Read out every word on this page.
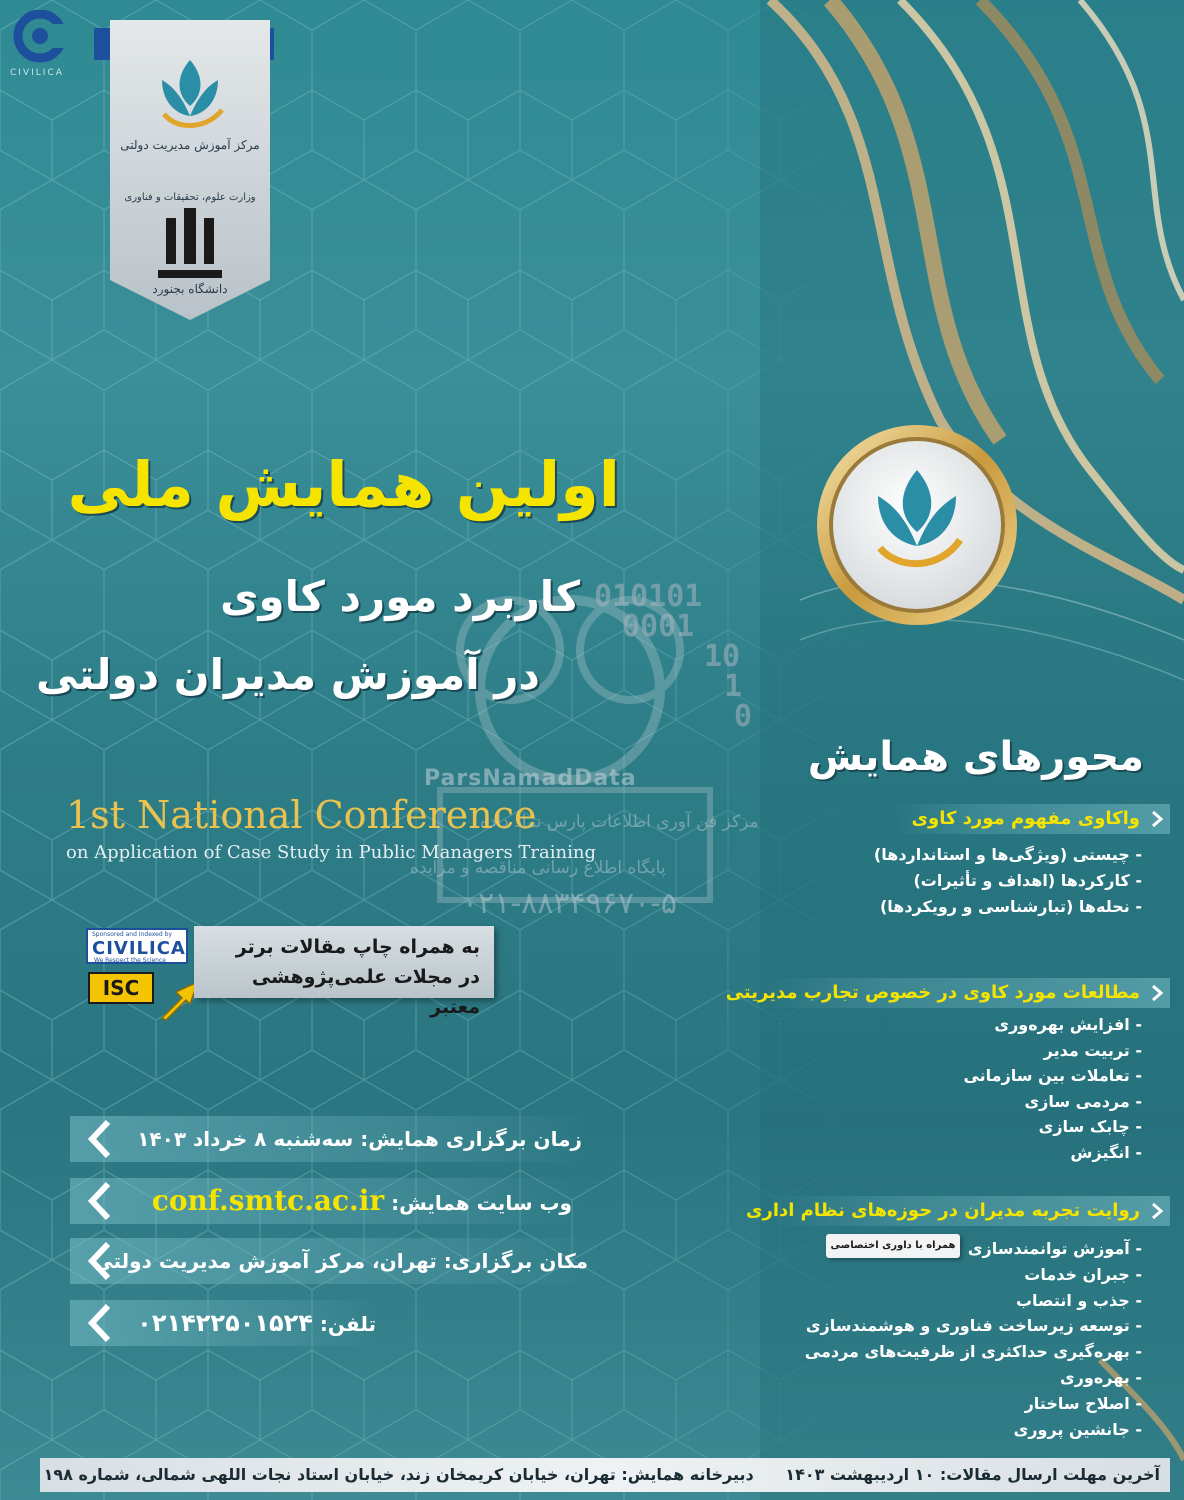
CIVILICA
مرکز آموزش مدیریت دولتی
وزارت علوم، تحقیقات و فناوری
دانشگاه بجنورد
010101
0001
10
1
0
ParsNamadData
مرکز فن آوری اطلاعات پارس نماد داده
پایگاه اطلاع رسانی مناقصه و مزایده
۰۲۱-۸۸۳۴۹۶۷۰-۵
اولین همایش ملی
کاربرد مورد کاوی
در آموزش مدیران دولتی
1st National Conference
on Application of Case Study in Public Managers Training
Sponsored and Indexed by
CIVILICA
We Respect the Science
ISC
به همراه چاپ مقالات برتر
در مجلات علمی‌پژوهشی معتبر
زمان برگزاری همایش: سه‌شنبه ۸ خرداد ۱۴۰۳
وب سایت همایش: conf.smtc.ac.ir
مکان برگزاری: تهران، مرکز آموزش مدیریت دولتی
تلفن: ۰۲۱۴۲۲۵۰۱۵۲۴
محورهای همایش
واکاوی مفهوم مورد کاوی
- چیستی (ویژگی‌ها و استانداردها)
- کارکردها (اهداف و تأثیرات)
- نحله‌ها (تبارشناسی و رویکردها)
مطالعات مورد کاوی در خصوص تجارب مدیریتی
- افزایش بهره‌وری
- تربیت مدیر
- تعاملات بین سازمانی
- مردمی سازی
- چابک سازی
- انگیزش
روایت تجربه مدیران در حوزه‌های نظام اداری
همراه با داوری اختصاصی - آموزش توانمندسازی
- جبران خدمات
- جذب و انتصاب
- توسعه زیرساخت فناوری و هوشمندسازی
- بهره‌گیری حداکثری از ظرفیت‌های مردمی
- بهره‌وری
- اصلاح ساختار
- جانشین پروری
آخرین مهلت ارسال مقالات: ۱۰ اردیبهشت ۱۴۰۳ دبیرخانه همایش: تهران، خیابان کریمخان زند، خیابان استاد نجات اللهی شمالی، شماره ۱۹۸
